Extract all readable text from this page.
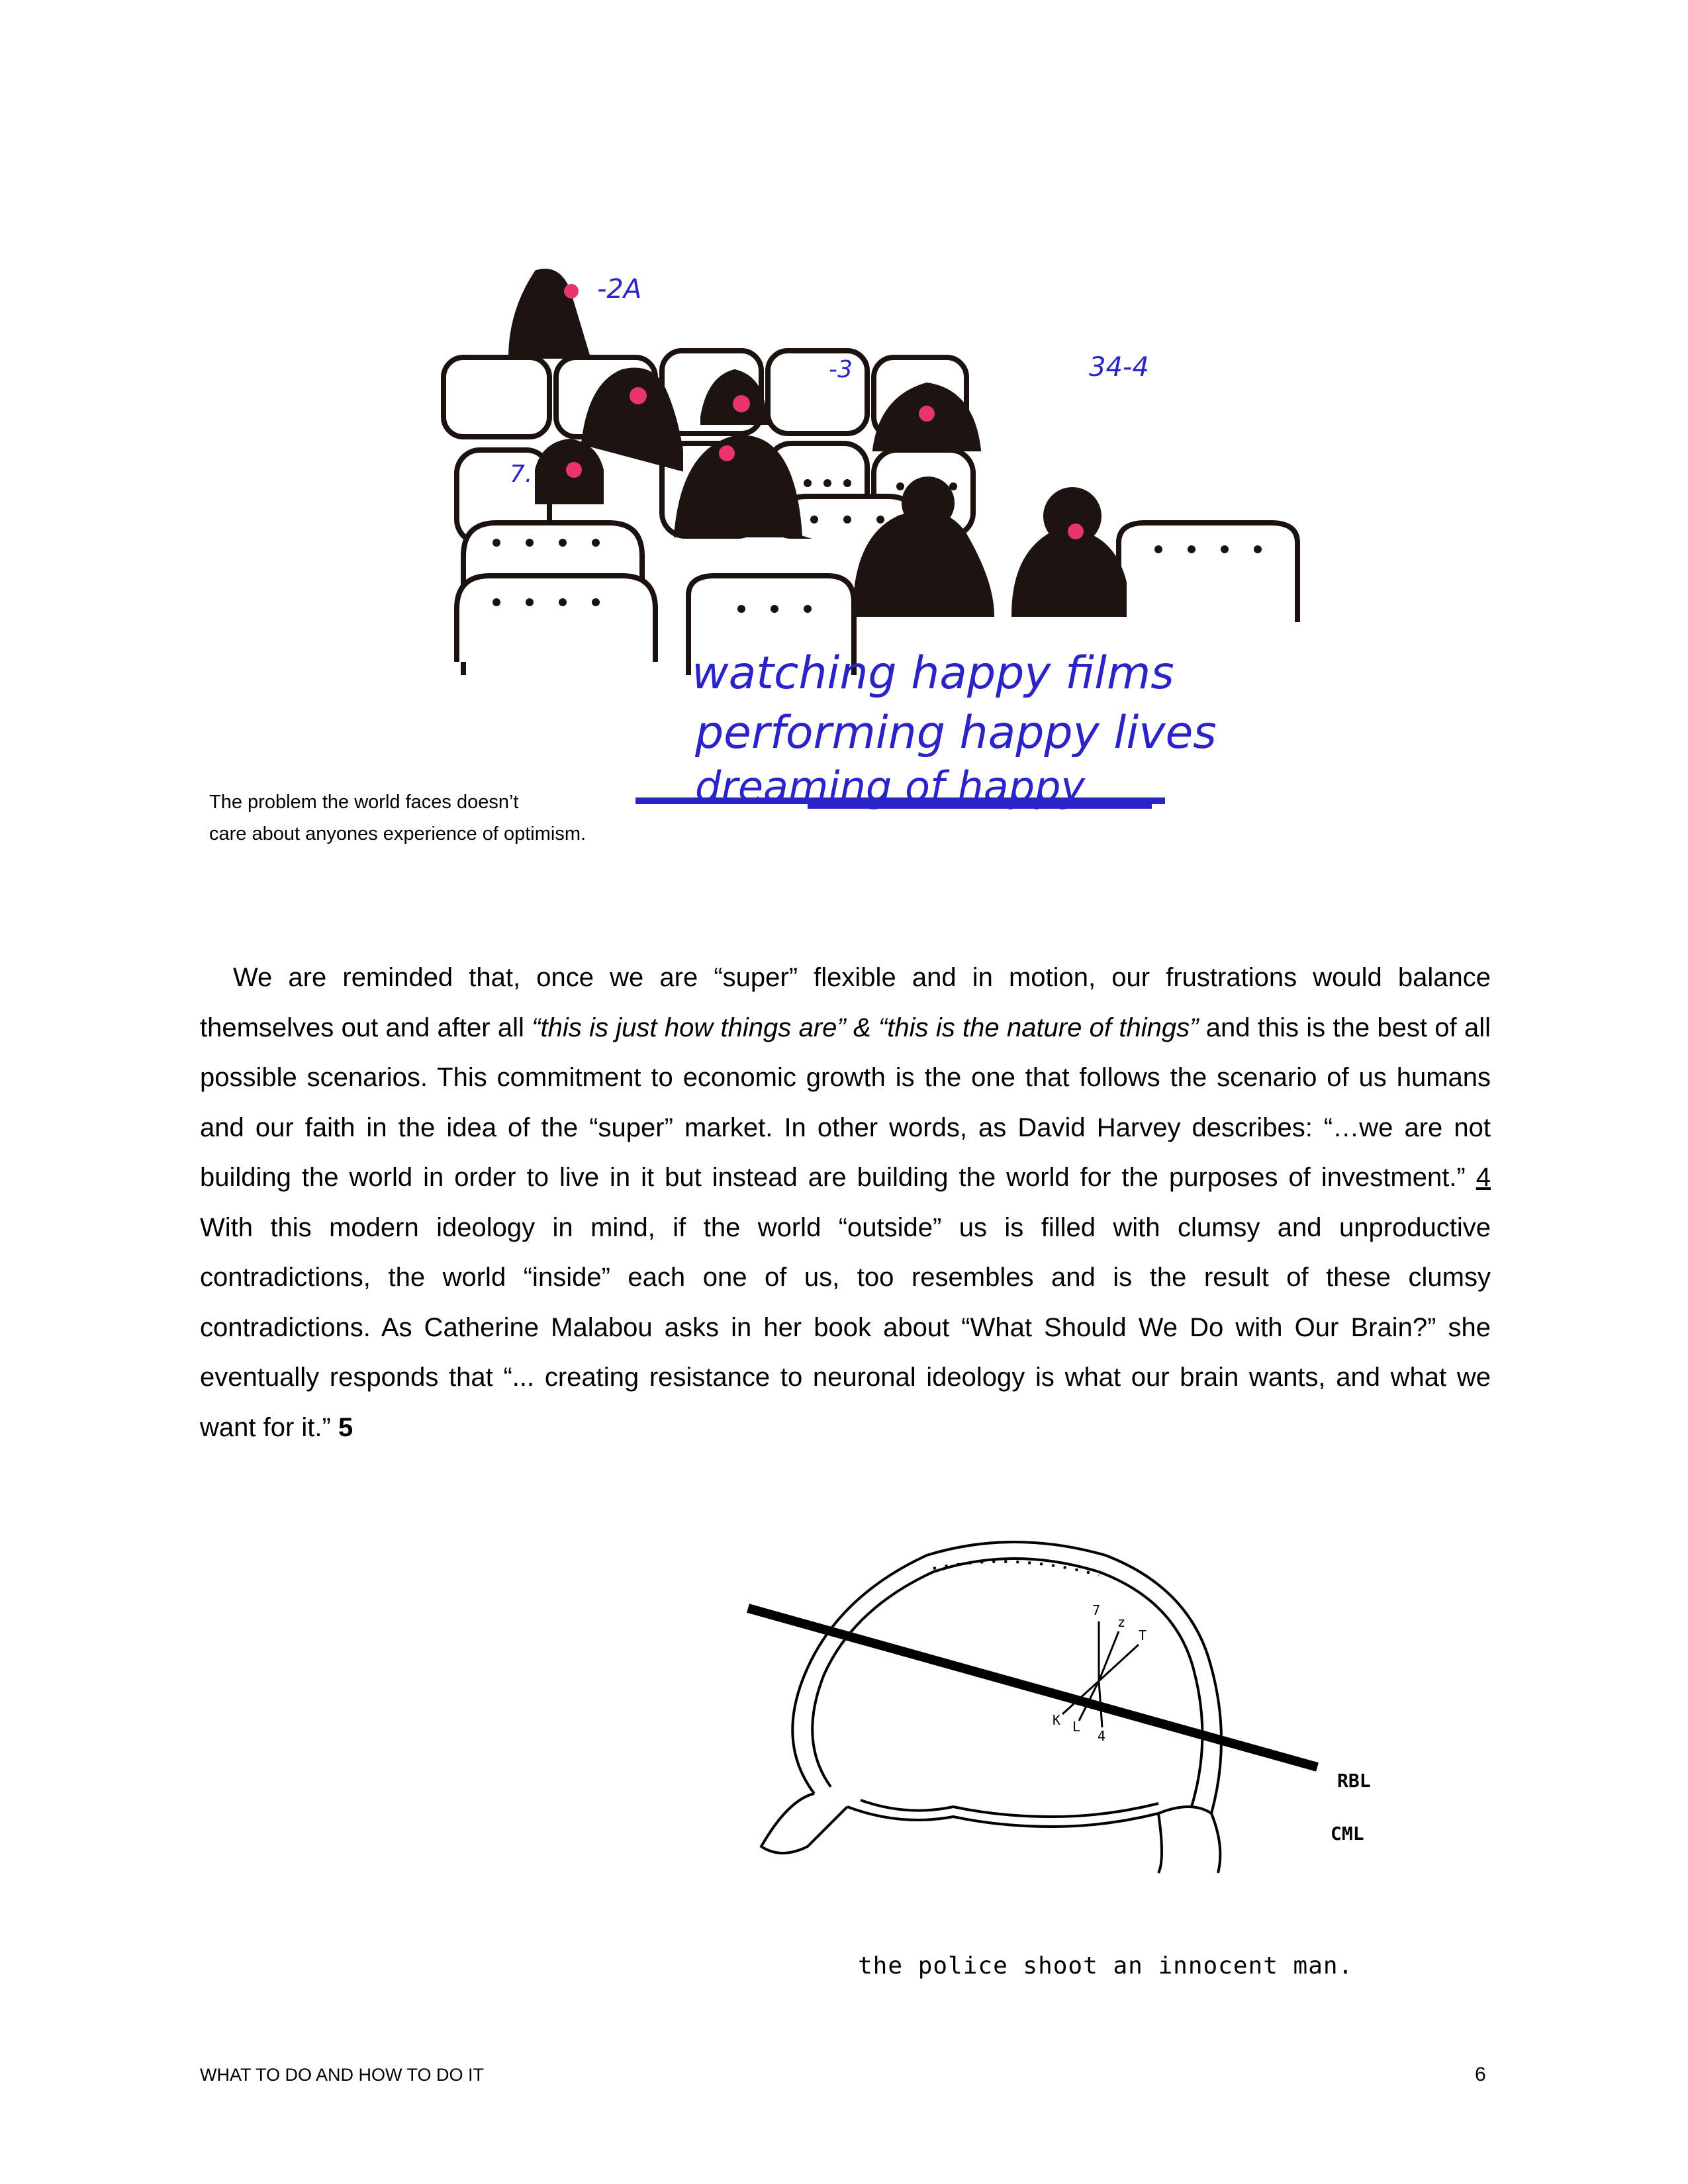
-2A
-3	34-4
7.
watching happy films
performing happy lives
dreaming of happy
The problem the world faces doesn’t
care about anyones experience of optimism.

We are reminded that, once we are “super” flexible and in motion, our frustrations would balance themselves out and after all “this is just how things are” & “this is the nature of things” and this is the best of all possible scenarios. This commitment to economic growth is the one that follows the scenario of us humans and our faith in the idea of the “super” market. In other words, as David Harvey describes: “…we are not building the world in order to live in it but instead are building the world for the purposes of investment.” 4   With this modern ideology in mind, if the world “outside” us is filled with clumsy and unproductive contradictions, the world “inside” each one of us, too resembles and is the result of these clumsy contradictions. As Catherine Malabou asks in her book about “What Should We Do with Our Brain?” she eventually responds that “... creating resistance to neuronal ideology is what our brain wants, and what we want for it.” 5

7
z
T
K L
4
RBL
CML
the police shoot an innocent man.
WHAT TO DO AND HOW TO DO IT	6
